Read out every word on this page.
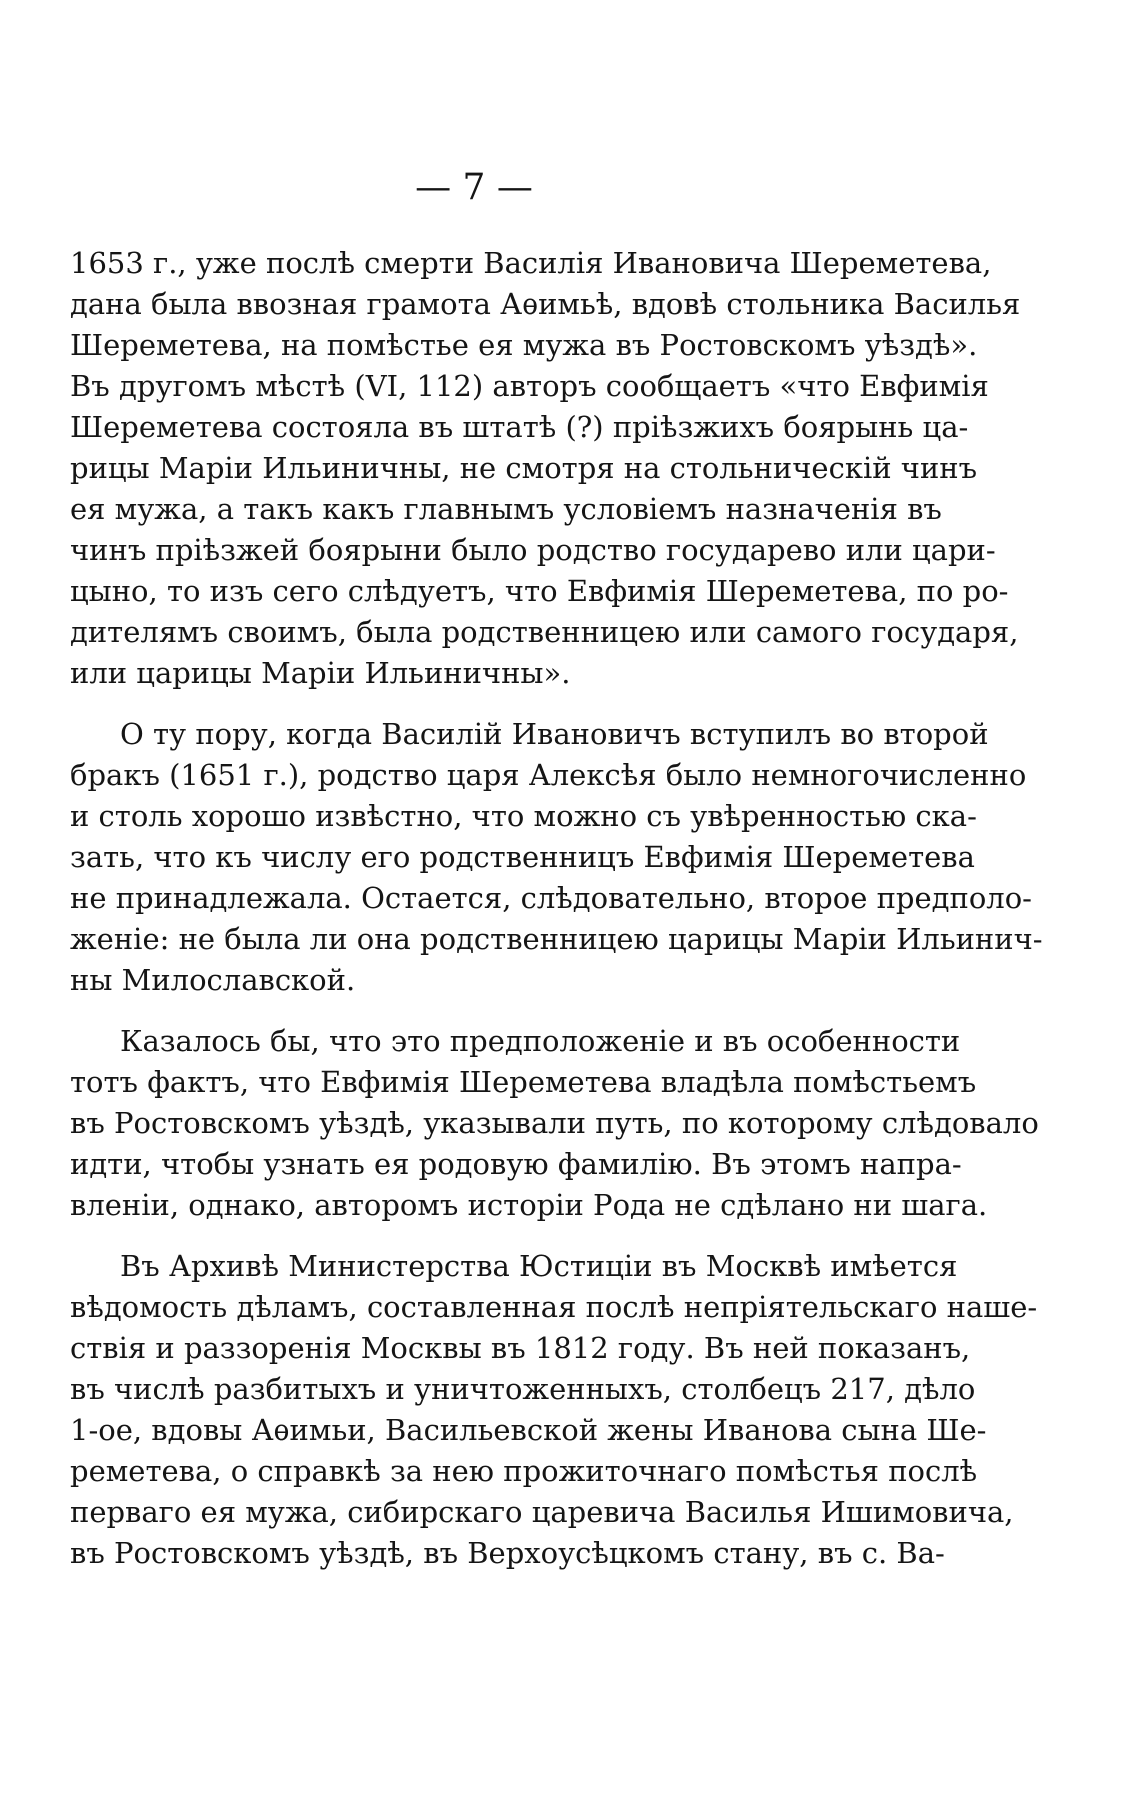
— 7 —
1653 г., уже послѣ смерти Василія Ивановича Шереметева,
дана была ввозная грамота Аѳимьѣ, вдовѣ стольника Василья
Шереметева, на помѣстье ея мужа въ Ростовскомъ уѣздѣ».
Въ другомъ мѣстѣ (VI, 112) авторъ сообщаетъ «что Евфимія
Шереметева состояла въ штатѣ (?) пріѣзжихъ боярынь ца-
рицы Маріи Ильиничны, не смотря на стольническій чинъ
ея мужа, а такъ какъ главнымъ условіемъ назначенія въ
чинъ пріѣзжей боярыни было родство государево или цари-
цыно, то изъ сего слѣдуетъ, что Евфимія Шереметева, по ро-
дителямъ своимъ, была родственницею или самого государя,
или царицы Маріи Ильиничны».
О ту пору, когда Василій Ивановичъ вступилъ во второй
бракъ (1651 г.), родство царя Алексѣя было немногочисленно
и столь хорошо извѣстно, что можно съ увѣренностью ска-
зать, что къ числу его родственницъ Евфимія Шереметева
не принадлежала. Остается, слѣдовательно, второе предполо-
женіе: не была ли она родственницею царицы Маріи Ильинич-
ны Милославской.
Казалось бы, что это предположеніе и въ особенности
тотъ фактъ, что Евфимія Шереметева владѣла помѣстьемъ
въ Ростовскомъ уѣздѣ, указывали путь, по которому слѣдовало
идти, чтобы узнать ея родовую фамилію. Въ этомъ напра-
вленіи, однако, авторомъ исторіи Рода не сдѣлано ни шага.
Въ Архивѣ Министерства Юстиціи въ Москвѣ имѣется
вѣдомость дѣламъ, составленная послѣ непріятельскаго наше-
ствія и раззоренія Москвы въ 1812 году. Въ ней показанъ,
въ числѣ разбитыхъ и уничтоженныхъ, столбецъ 217, дѣло
1-ое, вдовы Аѳимьи, Васильевской жены Иванова сына Ше-
реметева, о справкѣ за нею прожиточнаго помѣстья послѣ
перваго ея мужа, сибирскаго царевича Василья Ишимовича,
въ Ростовскомъ уѣздѣ, въ Верхоусѣцкомъ стану, въ с. Ва-
